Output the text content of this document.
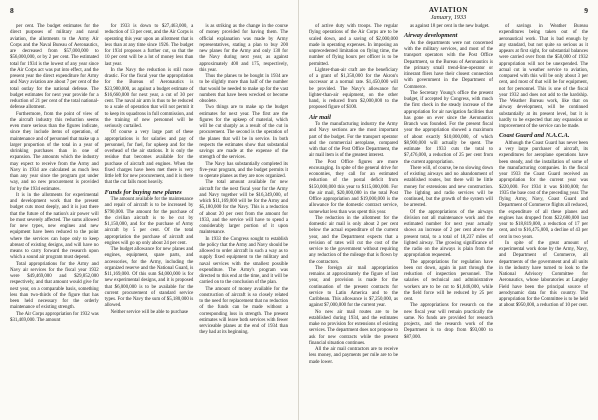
8

per cent. The budget estimates for the direct purposes of military and naval aviation, the allotments to the Army Air Corps and the Naval Bureau of Aeronautics, are decreased from $57,000,000 to $56,000,000, or by 2 per cent. The estimated total for 1934 is the lowest of any year since the Air Corps act was put into effect, and the present year the direct expenditure for Army and Navy aviation are about 7 per cent of the total outlay for the national defense. The budget estimates for next year provide for a reduction of 21 per cent of the total national-defense allotment.

Furthermore, from the point of view of the aircraft industry this reduction seems even more serious than the figures indicate, since they include items of operation, of maintenance and of personnel that make up a larger proportion of the total in a year of shrinking purchases than in one of expansion. The amounts which the industry may expect to receive from the Army and Navy in 1934 are calculated as much less than any year since the program got under way, and no new procurement is provided for by the 1934 estimates.

It is in the allotments for experimental and development work that the present budget cuts most deeply, and it is just there that the future of the nation's air power will be most severely affected. The sums allowed for new types, new engines and new equipment have been reduced to the point where the services can hope only to keep abreast of existing designs, and will have no means to carry forward the research upon which a sound air program must depend.

Total appropriations for the Army and Navy air services for the fiscal year 1932 were $49,469,000 and $29,852,000 respectively, and that amount would give for next year, on a comparable basis, something less than two-thirds of the figure that has been held necessary for the orderly maintenance of existing strength.

The Air Corps appropriation for 1932 was $31,469,000. The amount

for 1933 is down to $27,463,000, a reduction of 13 per cent, and the Air Corps is operating this year upon an allotment that is less than at any time since 1926. The budget for 1934 proposes a further cut, so that the 10 per cent will be a lot of money less than last year.

In the Navy the reduction is still more drastic. For the fiscal year the appropriation for the Bureau of Aeronautics is $23,980,000, as against a budget estimate of $16,660,000 for next year, a cut of 30 per cent. The naval air arm is thus to be reduced to a scale of operation that will not permit it to keep its squadrons in full commission, and the training of new personnel will be seriously curtailed.

Of course a very large part of these appropriations is for salaries and pay of personnel, for fuel, for upkeep and for the overhead of the air stations. It is only the residue that becomes available for the purchase of aircraft and engines. When the fixed charges have been met there is very little left for new procurement, and it is there that the cut falls most heavily.

Funds for buying new planes

The amount available for the maintenance and repair of aircraft is to be increased by $790,000. The amount for the purchase of the civilian aircraft is to be cut by $1,150,000, and for the purchase of Army aircraft by 5 per cent. Of the total appropriation the purchase of aircraft and engines will go up only about 24 per cent.

The budget allowance for new planes and engines, equipment, spare parts, and accessories, for the Army, including the organized reserve and the National Guard, is $11,169,000. Of this sum $4,000,000 is for new experimental designs, and it is proposed that $6,000,000 is to be available for the current procurement of standard service types. For the Navy the sum of $5,180,000 is allowed.

Neither service will be able to purchase

is as striking as the change in the course of money provided for having them. The official explanation was made by Army representatives, stating a plan to buy 200 new planes for the Army and only 130 for the Navy during next year, as against approximately 400 and 175, respectively, this year.

Thus the planes to be bought in 1934 are to be slightly more than half of the number that would be needed to make up for the vast numbers that have been wrecked or become obsolete.

Two things are to make up the budget estimates for next year. The first are the figures for the upkeep of material, which will be cut sharply as a result of the cut in procurement. The second is the operation of the planes that will be in service. In both respects the estimates show that substantial savings are made at the expense of the strength of the services.

The Navy has substantially completed its five-year program, and the budget permits it to operate planes as they are now organized.

The total amount available for new aircraft for the next fiscal year for the Army and Navy together will be $16,349,000, of which $11,169,000 will be for the Army and $5,180,000 for the Navy. This is a reduction of about 20 per cent from the amount for 1933, and the service will have to spend a considerably larger portion of it upon maintenance.

In 1933 the Congress sought to establish the policy that the Army and Navy should be allowed to order aircraft in such a way as to supply fixed equipment to the military and naval services with the smallest possible expenditure. The Army's program was directed to this end at the time, and it will be carried on to the conclusion of the plan.

The amount of money available for the construction of aircraft is so closely related to the need for replacement that no reduction of the funds can be made without a corresponding loss in strength. The present estimates will leave both services with fewer serviceable planes at the end of 1934 than they had at its beginning.

AVIATION
January, 1933
9

of active duty with troops. The regular flying operations of the Air Corps are to be scaled down, and a saving of $2,000,000 made in operating expenses. In imposing an unprecedented limitation on flying time, the number of flying hours per officer is to be permitted.

Lighter-than-air craft are the beneficiary of a grant of $1,350,000 for the Akron's successor at a normal rate. $1,450,000 will be provided. The Navy's allowance for lighter-than-air equipment, on the other hand, is reduced from $2,000,000 to the proposed figure of $100.

Air mail

To the manufacturing industry the Army and Navy sections are the most important part of the budget. For the transport operator and the commercial aeroplane, compared with that of the Post Office Department, the air mail item is of the greatest interest.

The Post Office figures are more encouraging. In spite of the general drive for economies, they call for an estimated reduction of the postal deficit from $150,000,000 this year to $115,000,000. For the air mail, $20,000,000 in the total Post Office appropriation and $19,000,000 is the allowance for the domestic contract service, somewhat less than was spent this year.

The reduction in the allotment for the domestic air mail is only about 2 per cent below the actual expenditure of the current year, and the Department expects that a revision of rates will cut the cost of the service to the government without requiring any reduction of the mileage that is flown by the contractors.

The foreign air mail appropriation remains at approximately the figure of last year, and provision is made for the continuation of the present contracts for service to Latin America and to the Caribbean. This allowance is $7,250,000, as against $7,000,000 for the current year.

No new air mail routes are to be established during 1934, and the estimates make no provision for extensions of existing services. The department does not propose to ask for new contracts while the present financial situation continues.

All the air mail contractors are to receive less money, and payments per mile are to be made lower.

as against 18 per cent in the new budget.

Airway development

As the departments were not concerned with the military services, and most of the transport operators with the Post Office Department, so the Bureau of Aeronautics is the primary small trend-line-operator or itinerant fliers have their closest connection with government in the Department of Commerce.

The Secretary Young's office the present budget, if accepted by Congress, with much the first check in the steady increase of the appropriation for air navigation facilities that has gone on ever since the Aeronautics Branch was founded. For the present fiscal year the appropriation showed a maximum of about exactly $10,000,000, of which $8,900,000 will actually be spent. The estimate for 1933 cuts the total to $7,476,000, a reduction of 25 per cent from the current appropriation.

There will, of course, be no slowing down of existing airways and no abandonment of established routes, but there will be little money for extensions and new construction. The lighting and radio services will be continued, but the growth of the system will be arrested.

Of the appropriations of the airways division not all maintenance work and the estimated number for next year actually shows an increase of 2 per cent above the present total, to a total of 18,237 miles of lighted airway. The growing significance of the radio on the airways is plain from the appropriation requested.

The appropriations for regulation have been cut down, again in part through the reduction of inspection personnel. The salaries of technical and administrative workers are to be cut to $1,046,000, while the field force will be reduced by 25 per cent.

The appropriations for research on the new fiscal year will remain practically the same. No funds are provided for research projects, and the research work of the Department is to drop from $93,000 to $87,000.

of savings in Weather Bureau expenditures being taken out of the aeronautical work. That is bad enough by any standard, but not quite so serious as it appears at first sight, for substantial balances were carried over from the $50,000 of 1932 appropriation will not be unexpended. The actual cut in weather service to aviation, compared with this will be only about 3 per cent, and most of that will be for equipment, not for personnel. This is one of the fiscal year 1932 and does not add to the hardship. The Weather Bureau work, like that on airway development, will be continued substantially at its present level, but it is hardly to be expected that any expansion or improvement of the service can be made.

Coast Guard and N.A.C.A.

Although the Coast Guard has never been a very large purchaser of aircraft, its expenditures for aeroplane operations have been steady, and the installation of some of the manufacturing companies. In the fiscal year 1933 the Coast Guard received an appropriation for the current year was $220,000. For 1934 it was $100,000; for 1935 the base cost of the preceding year. The flying Army, Navy, Coast Guard and Department of Commerce flights all reduced, the expenditure of all these planes and engines has dropped from $22,680,000 last year to $18,819,000, a reduction of 17 per cent, and to $16,475,000, a decline of 43 per cent in two years.

In spite of the great amount of experimental work done by the Army, Navy, and Department of Commerce, all departments of the government and all units in the industry have turned to look to the National Advisory Committee for Aeronautics, whose laboratories at Langley Field have been the principal source of aerodynamic data for this country. The appropriation for the Committee is to be held at about $950,000, a reduction of 10 per cent.
